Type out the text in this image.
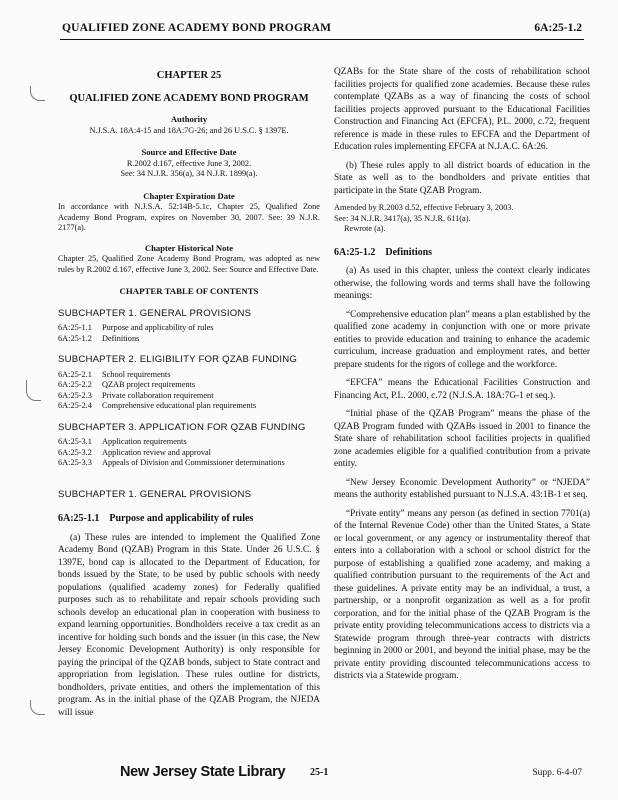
QUALIFIED ZONE ACADEMY BOND PROGRAM	6A:25-1.2
CHAPTER 25
QUALIFIED ZONE ACADEMY BOND PROGRAM
Authority
N.J.S.A. 18A:4-15 and 18A:7G-26; and 26 U.S.C. § 1397E.
Source and Effective Date
R.2002 d.167, effective June 3, 2002.
See: 34 N.J.R. 356(a), 34 N.J.R. 1899(a).
Chapter Expiration Date

In accordance with N.J.S.A. 52:14B-5.1c, Chapter 25, Qualified Zone Academy Bond Program, expires on November 30, 2007. See: 39 N.J.R. 2177(a).

Chapter Historical Note

Chapter 25, Qualified Zone Academy Bond Program, was adopted as new rules by R.2002 d.167, effective June 3, 2002. See: Source and Effective Date.

CHAPTER TABLE OF CONTENTS
SUBCHAPTER 1. GENERAL PROVISIONS
6A:25-1.1	Purpose and applicability of rules
6A:25-1.2	Definitions
SUBCHAPTER 2. ELIGIBILITY FOR QZAB FUNDING
6A:25-2.1	School requirements
6A:25-2.2	QZAB project requirements
6A:25-2.3	Private collaboration requirement
6A:25-2.4	Comprehensive educational plan requirements
SUBCHAPTER 3. APPLICATION FOR QZAB FUNDING
6A:25-3.1	Application requirements
6A:25-3.2	Application review and approval
6A:25-3.3	Appeals of Division and Commissioner determinations
SUBCHAPTER 1. GENERAL PROVISIONS
6A:25-1.1 Purpose and applicability of rules

(a) These rules are intended to implement the Qualified Zone Academy Bond (QZAB) Program in this State. Under 26 U.S.C. § 1397E, bond cap is allocated to the Department of Education, for bonds issued by the State, to be used by public schools with needy populations (qualified academy zones) for Federally qualified purposes such as to rehabilitate and repair schools providing such schools develop an educational plan in cooperation with business to expand learning opportunities. Bondholders receive a tax credit as an incentive for holding such bonds and the issuer (in this case, the New Jersey Economic Development Authority) is only responsible for paying the principal of the QZAB bonds, subject to State contract and appropriation from legislation. These rules outline for districts, bondholders, private entities, and others the implementation of this program. As in the initial phase of the QZAB Program, the NJEDA will issue

QZABs for the State share of the costs of rehabilitation school facilities projects for qualified zone academies. Because these rules contemplate QZABs as a way of financing the costs of school facilities projects approved pursuant to the Educational Facilities Construction and Financing Act (EFCFA), P.L. 2000, c.72, frequent reference is made in these rules to EFCFA and the Department of Education rules implementing EFCFA at N.J.A.C. 6A:26.

(b) These rules apply to all district boards of education in the State as well as to the bondholders and private entities that participate in the State QZAB Program.

Amended by R.2003 d.52, effective February 3, 2003.
See: 34 N.J.R. 3417(a), 35 N.J.R. 611(a).
Rewrote (a).
6A:25-1.2 Definitions

(a) As used in this chapter, unless the context clearly indicates otherwise, the following words and terms shall have the following meanings:

“Comprehensive education plan” means a plan established by the qualified zone academy in conjunction with one or more private entities to provide education and training to enhance the academic curriculum, increase graduation and employment rates, and better prepare students for the rigors of college and the workforce.

“EFCFA” means the Educational Facilities Construction and Financing Act, P.L. 2000, c.72 (N.J.S.A. 18A:7G-1 et seq.).

“Initial phase of the QZAB Program” means the phase of the QZAB Program funded with QZABs issued in 2001 to finance the State share of rehabilitation school facilities projects in qualified zone academies eligible for a qualified contribution from a private entity.

“New Jersey Economic Development Authority” or “NJEDA” means the authority established pursuant to N.J.S.A. 43:1B-1 et seq.

“Private entity” means any person (as defined in section 7701(a) of the Internal Revenue Code) other than the United States, a State or local government, or any agency or instrumentality thereof that enters into a collaboration with a school or school district for the purpose of establishing a qualified zone academy, and making a qualified contribution pursuant to the requirements of the Act and these guidelines. A private entity may be an individual, a trust, a partnership, or a nonprofit organization as well as a for profit corporation, and for the initial phase of the QZAB Program is the private entity providing telecommunications access to districts via a Statewide program through three-year contracts with districts beginning in 2000 or 2001, and beyond the initial phase, may be the private entity providing discounted telecommunications access to districts via a Statewide program.

New Jersey State Library 25-1	Supp. 6-4-07
